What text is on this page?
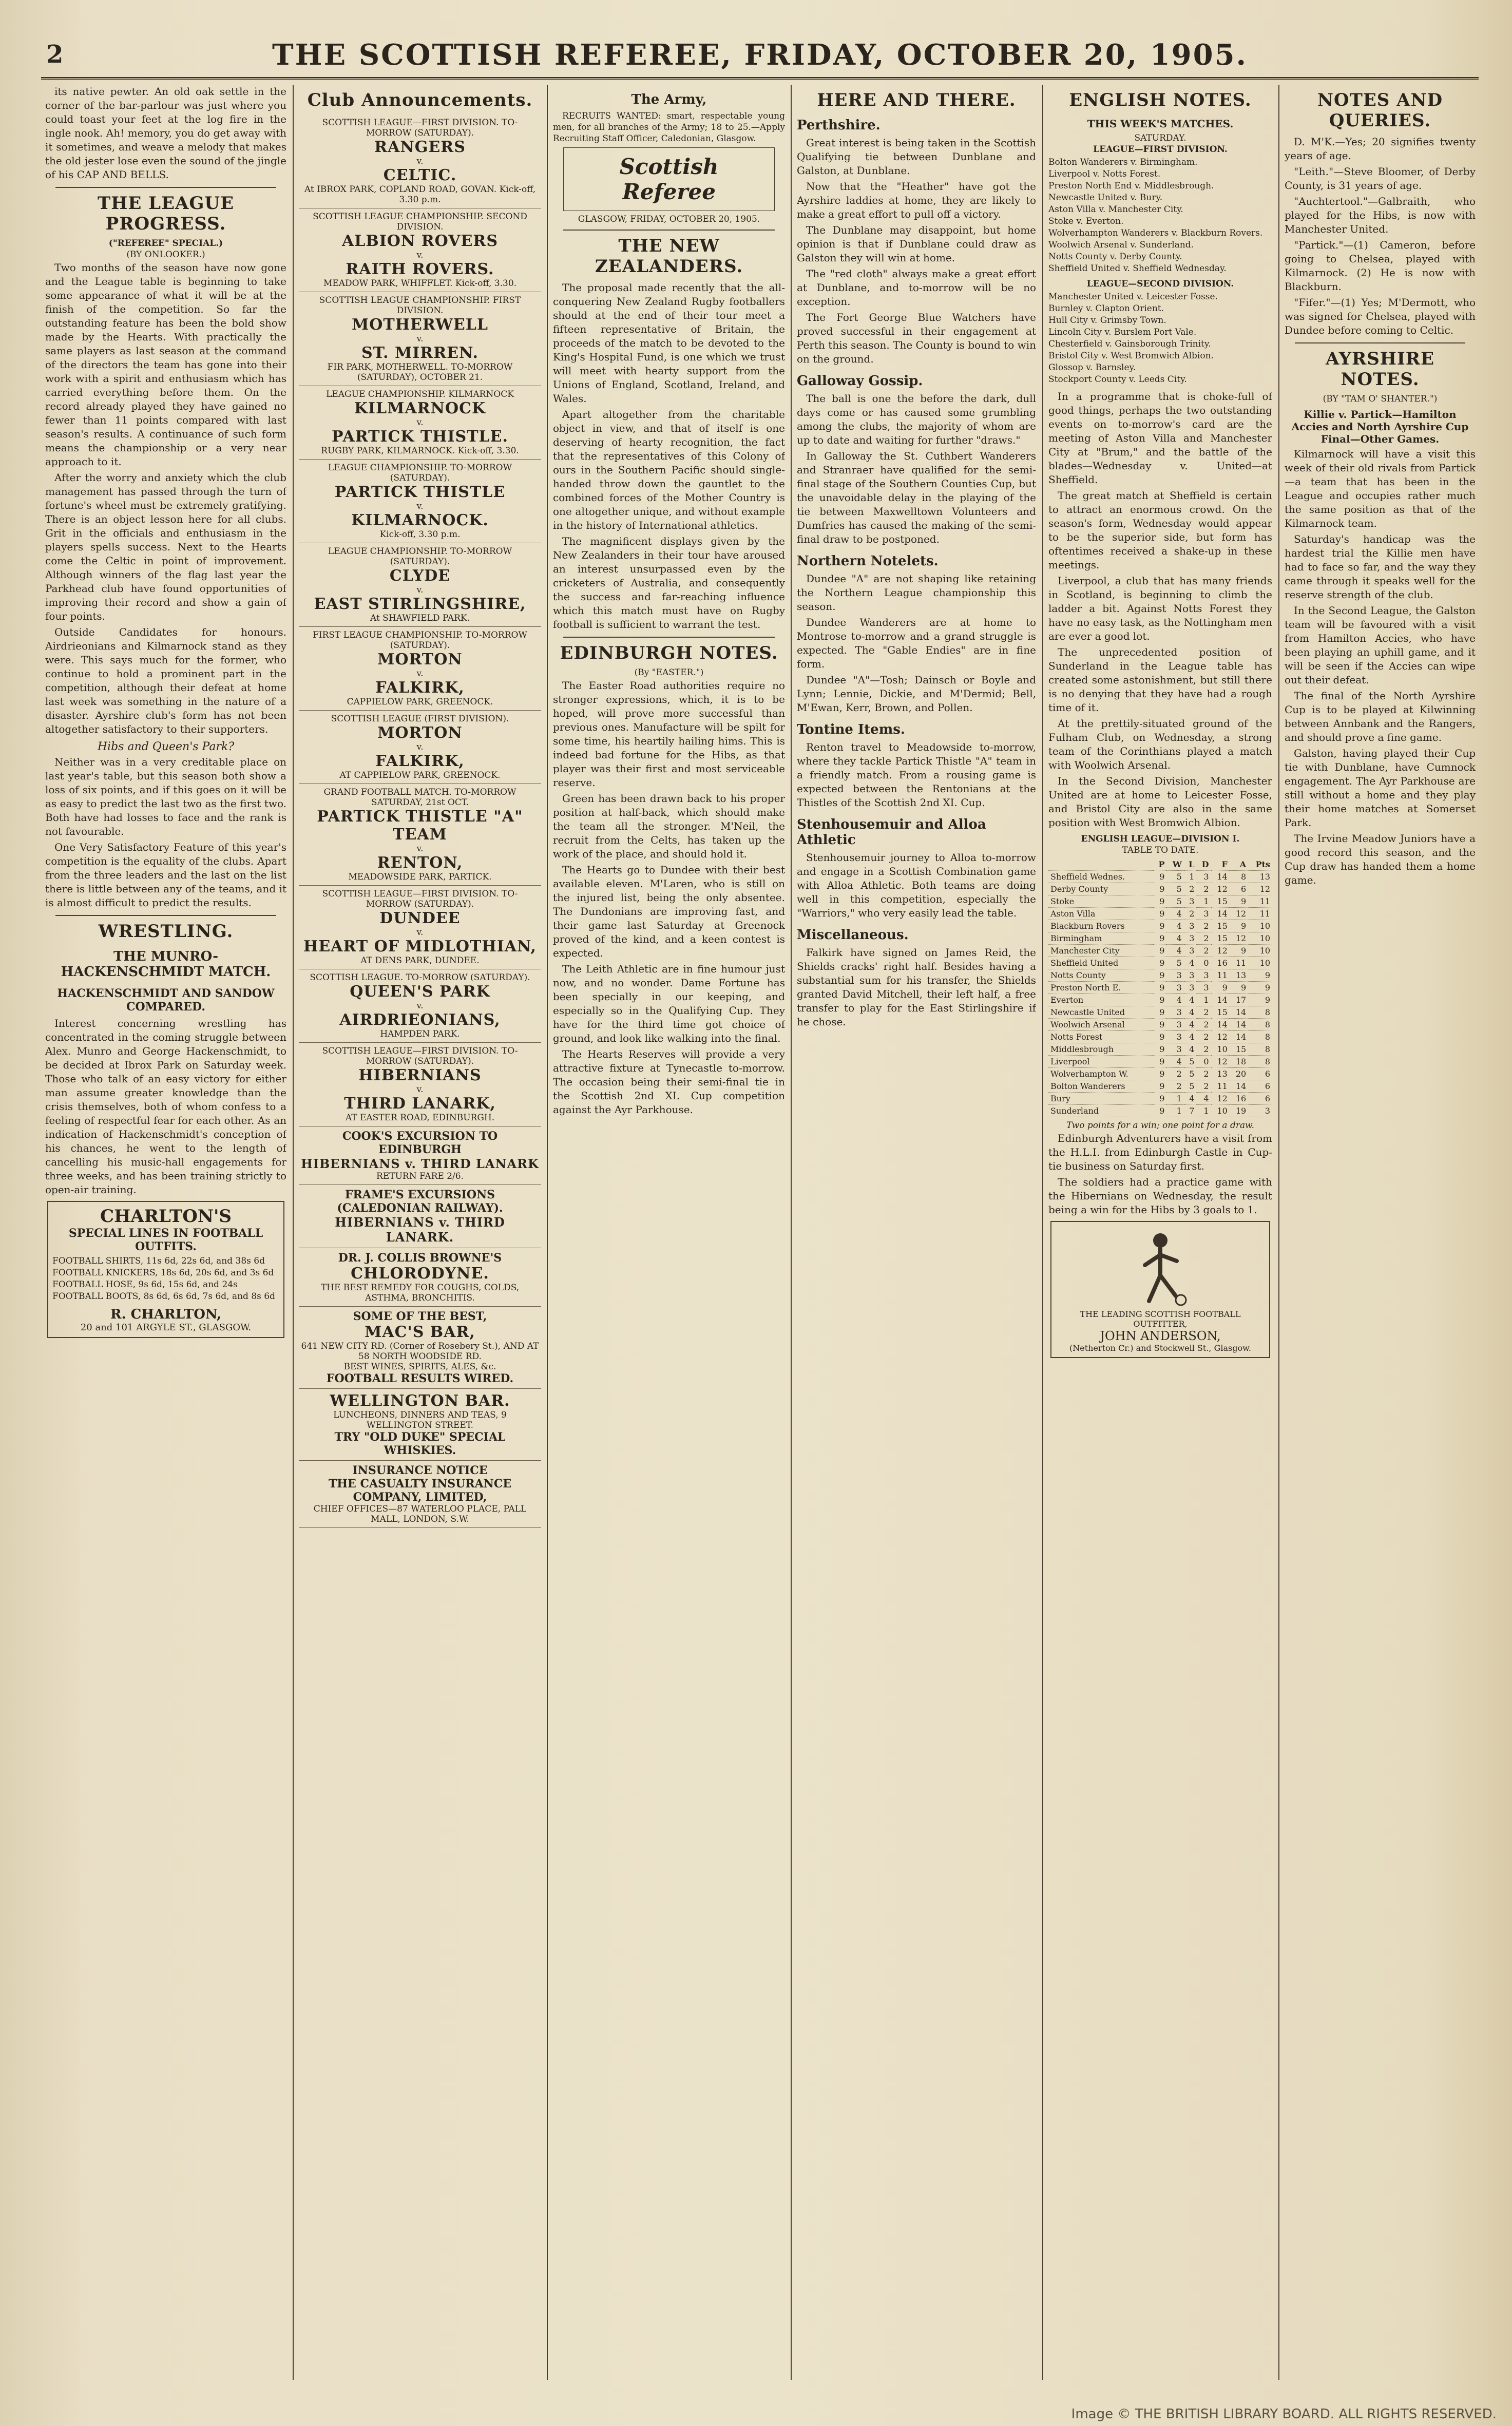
2	THE SCOTTISH REFEREE, FRIDAY, OCTOBER 20, 1905.

its native pewter. An old oak settle in the corner of the bar-parlour was just where you could toast your feet at the log fire in the ingle nook. Ah! memory, you do get away with it sometimes, and weave a melody that makes the old jester lose even the sound of the jingle of his CAP AND BELLS.

THE LEAGUE PROGRESS.
("REFEREE" SPECIAL.)
(BY ONLOOKER.)

Two months of the season have now gone and the League table is beginning to take some appearance of what it will be at the finish of the competition. So far the outstanding feature has been the bold show made by the Hearts. With practically the same players as last season at the command of the directors the team has gone into their work with a spirit and enthusiasm which has carried everything before them. On the record already played they have gained no fewer than 11 points compared with last season's results. A continuance of such form means the championship or a very near approach to it.

After the worry and anxiety which the club management has passed through the turn of fortune's wheel must be extremely gratifying. There is an object lesson here for all clubs. Grit in the officials and enthusiasm in the players spells success. Next to the Hearts come the Celtic in point of improvement. Although winners of the flag last year the Parkhead club have found opportunities of improving their record and show a gain of four points.

Outside Candidates for honours. Airdrieonians and Kilmarnock stand as they were. This says much for the former, who continue to hold a prominent part in the competition, although their defeat at home last week was something in the nature of a disaster. Ayrshire club's form has not been altogether satisfactory to their supporters.

Hibs and Queen's Park?

Neither was in a very creditable place on last year's table, but this season both show a loss of six points, and if this goes on it will be as easy to predict the last two as the first two. Both have had losses to face and the rank is not favourable.

One Very Satisfactory Feature of this year's competition is the equality of the clubs. Apart from the three leaders and the last on the list there is little between any of the teams, and it is almost difficult to predict the results.

WRESTLING.
THE MUNRO-HACKENSCHMIDT MATCH.
HACKENSCHMIDT AND SANDOW COMPARED.

Interest concerning wrestling has concentrated in the coming struggle between Alex. Munro and George Hackenschmidt, to be decided at Ibrox Park on Saturday week. Those who talk of an easy victory for either man assume greater knowledge than the crisis themselves, both of whom confess to a feeling of respectful fear for each other. As an indication of Hackenschmidt's conception of his chances, he went to the length of cancelling his music-hall engagements for three weeks, and has been training strictly to open-air training.

CHARLTON'S
SPECIAL LINES IN FOOTBALL OUTFITS.
FOOTBALL SHIRTS, 11s 6d, 22s 6d, and 38s 6d
FOOTBALL KNICKERS, 18s 6d, 20s 6d, and 3s 6d
FOOTBALL HOSE, 9s 6d, 15s 6d, and 24s
FOOTBALL BOOTS, 8s 6d, 6s 6d, 7s 6d, and 8s 6d
R. CHARLTON,
20 and 101 ARGYLE ST., GLASGOW.
Club Announcements.
SCOTTISH LEAGUE—FIRST DIVISION. TO-MORROW (SATURDAY).
RANGERS
v.
CELTIC.
At IBROX PARK, COPLAND ROAD, GOVAN. Kick-off, 3.30 p.m.
SCOTTISH LEAGUE CHAMPIONSHIP. SECOND DIVISION.
ALBION ROVERS
v.
RAITH ROVERS.
MEADOW PARK, WHIFFLET. Kick-off, 3.30.
SCOTTISH LEAGUE CHAMPIONSHIP. FIRST DIVISION.
MOTHERWELL
v.
ST. MIRREN.
FIR PARK, MOTHERWELL. TO-MORROW (SATURDAY), OCTOBER 21.
LEAGUE CHAMPIONSHIP. KILMARNOCK
KILMARNOCK
v.
PARTICK THISTLE.
RUGBY PARK, KILMARNOCK. Kick-off, 3.30.
LEAGUE CHAMPIONSHIP. TO-MORROW (SATURDAY).
PARTICK THISTLE
v.
KILMARNOCK.
Kick-off, 3.30 p.m.
LEAGUE CHAMPIONSHIP. TO-MORROW (SATURDAY).
CLYDE
v.
EAST STIRLINGSHIRE,
At SHAWFIELD PARK.
FIRST LEAGUE CHAMPIONSHIP. TO-MORROW (SATURDAY).
MORTON
v.
FALKIRK,
CAPPIELOW PARK, GREENOCK.
SCOTTISH LEAGUE (FIRST DIVISION).
MORTON
v.
FALKIRK,
AT CAPPIELOW PARK, GREENOCK.
GRAND FOOTBALL MATCH. TO-MORROW SATURDAY, 21st OCT.
PARTICK THISTLE "A" TEAM
v.
RENTON,
MEADOWSIDE PARK, PARTICK.
SCOTTISH LEAGUE—FIRST DIVISION. TO-MORROW (SATURDAY).
DUNDEE
v.
HEART OF MIDLOTHIAN,
AT DENS PARK, DUNDEE.
SCOTTISH LEAGUE. TO-MORROW (SATURDAY).
QUEEN'S PARK
v.
AIRDRIEONIANS,
HAMPDEN PARK.
SCOTTISH LEAGUE—FIRST DIVISION. TO-MORROW (SATURDAY).
HIBERNIANS
v.
THIRD LANARK,
AT EASTER ROAD, EDINBURGH.
COOK'S EXCURSION TO EDINBURGH
HIBERNIANS v. THIRD LANARK
RETURN FARE 2/6.
FRAME'S EXCURSIONS (CALEDONIAN RAILWAY).
HIBERNIANS v. THIRD LANARK.
DR. J. COLLIS BROWNE'S
CHLORODYNE.
THE BEST REMEDY FOR COUGHS, COLDS, ASTHMA, BRONCHITIS.
SOME OF THE BEST,
MAC'S BAR,
641 NEW CITY RD. (Corner of Rosebery St.), AND AT 58 NORTH WOODSIDE RD.
BEST WINES, SPIRITS, ALES, &c.
FOOTBALL RESULTS WIRED.
WELLINGTON BAR.
LUNCHEONS, DINNERS AND TEAS, 9 WELLINGTON STREET.
TRY "OLD DUKE" SPECIAL WHISKIES.
INSURANCE NOTICE
THE CASUALTY INSURANCE COMPANY, LIMITED,
CHIEF OFFICES—87 WATERLOO PLACE, PALL MALL, LONDON, S.W.
The Army,

RECRUITS WANTED: smart, respectable young men, for all branches of the Army; 18 to 25.—Apply Recruiting Staff Officer, Caledonian, Glasgow.

Scottish Referee
GLASGOW, FRIDAY, OCTOBER 20, 1905.
THE NEW ZEALANDERS.

The proposal made recently that the all-conquering New Zealand Rugby footballers should at the end of their tour meet a fifteen representative of Britain, the proceeds of the match to be devoted to the King's Hospital Fund, is one which we trust will meet with hearty support from the Unions of England, Scotland, Ireland, and Wales.

Apart altogether from the charitable object in view, and that of itself is one deserving of hearty recognition, the fact that the representatives of this Colony of ours in the Southern Pacific should single-handed throw down the gauntlet to the combined forces of the Mother Country is one altogether unique, and without example in the history of International athletics.

The magnificent displays given by the New Zealanders in their tour have aroused an interest unsurpassed even by the cricketers of Australia, and consequently the success and far-reaching influence which this match must have on Rugby football is sufficient to warrant the test.

EDINBURGH NOTES.
(By "EASTER.")

The Easter Road authorities require no stronger expressions, which, it is to be hoped, will prove more successful than previous ones. Manufacture will be spilt for some time, his heartily hailing hims. This is indeed bad fortune for the Hibs, as that player was their first and most serviceable reserve.

Green has been drawn back to his proper position at half-back, which should make the team all the stronger. M'Neil, the recruit from the Celts, has taken up the work of the place, and should hold it.

The Hearts go to Dundee with their best available eleven. M'Laren, who is still on the injured list, being the only absentee. The Dundonians are improving fast, and their game last Saturday at Greenock proved of the kind, and a keen contest is expected.

The Leith Athletic are in fine humour just now, and no wonder. Dame Fortune has been specially in our keeping, and especially so in the Qualifying Cup. They have for the third time got choice of ground, and look like walking into the final.

The Hearts Reserves will provide a very attractive fixture at Tynecastle to-morrow. The occasion being their semi-final tie in the Scottish 2nd XI. Cup competition against the Ayr Parkhouse.

HERE AND THERE.
Perthshire.

Great interest is being taken in the Scottish Qualifying tie between Dunblane and Galston, at Dunblane.

Now that the "Heather" have got the Ayrshire laddies at home, they are likely to make a great effort to pull off a victory.

The Dunblane may disappoint, but home opinion is that if Dunblane could draw as Galston they will win at home.

The "red cloth" always make a great effort at Dunblane, and to-morrow will be no exception.

The Fort George Blue Watchers have proved successful in their engagement at Perth this season. The County is bound to win on the ground.

Galloway Gossip.

The ball is one the before the dark, dull days come or has caused some grumbling among the clubs, the majority of whom are up to date and waiting for further "draws."

In Galloway the St. Cuthbert Wanderers and Stranraer have qualified for the semi-final stage of the Southern Counties Cup, but the unavoidable delay in the playing of the tie between Maxwelltown Volunteers and Dumfries has caused the making of the semi-final draw to be postponed.

Northern Notelets.

Dundee "A" are not shaping like retaining the Northern League championship this season.

Dundee Wanderers are at home to Montrose to-morrow and a grand struggle is expected. The "Gable Endies" are in fine form.

Dundee "A"—Tosh; Dainsch or Boyle and Lynn; Lennie, Dickie, and M'Dermid; Bell, M'Ewan, Kerr, Brown, and Pollen.

Tontine Items.

Renton travel to Meadowside to-morrow, where they tackle Partick Thistle "A" team in a friendly match. From a rousing game is expected between the Rentonians at the Thistles of the Scottish 2nd XI. Cup.

Stenhousemuir and Alloa Athletic

Stenhousemuir journey to Alloa to-morrow and engage in a Scottish Combination game with Alloa Athletic. Both teams are doing well in this competition, especially the "Warriors," who very easily lead the table.

Miscellaneous.

Falkirk have signed on James Reid, the Shields cracks' right half. Besides having a substantial sum for his transfer, the Shields granted David Mitchell, their left half, a free transfer to play for the East Stirlingshire if he chose.

ENGLISH NOTES.
THIS WEEK'S MATCHES.
SATURDAY.
LEAGUE—FIRST DIVISION.
Bolton Wanderers v. Birmingham.
Liverpool v. Notts Forest.
Preston North End v. Middlesbrough.
Newcastle United v. Bury.
Aston Villa v. Manchester City.
Stoke v. Everton.
Wolverhampton Wanderers v. Blackburn Rovers.
Woolwich Arsenal v. Sunderland.
Notts County v. Derby County.
Sheffield United v. Sheffield Wednesday.
LEAGUE—SECOND DIVISION.
Manchester United v. Leicester Fosse.
Burnley v. Clapton Orient.
Hull City v. Grimsby Town.
Lincoln City v. Burslem Port Vale.
Chesterfield v. Gainsborough Trinity.
Bristol City v. West Bromwich Albion.
Glossop v. Barnsley.
Stockport County v. Leeds City.

In a programme that is choke-full of good things, perhaps the two outstanding events on to-morrow's card are the meeting of Aston Villa and Manchester City at "Brum," and the battle of the blades—Wednesday v. United—at Sheffield.

The great match at Sheffield is certain to attract an enormous crowd. On the season's form, Wednesday would appear to be the superior side, but form has oftentimes received a shake-up in these meetings.

Liverpool, a club that has many friends in Scotland, is beginning to climb the ladder a bit. Against Notts Forest they have no easy task, as the Nottingham men are ever a good lot.

The unprecedented position of Sunderland in the League table has created some astonishment, but still there is no denying that they have had a rough time of it.

At the prettily-situated ground of the Fulham Club, on Wednesday, a strong team of the Corinthians played a match with Woolwich Arsenal.

In the Second Division, Manchester United are at home to Leicester Fosse, and Bristol City are also in the same position with West Bromwich Albion.

ENGLISH LEAGUE—DIVISION I.
TABLE TO DATE.
	P	W	L	D	F	A	Pts
Sheffield Wednes.	9	5	1	3	14	8	13
Derby County	9	5	2	2	12	6	12
Stoke	9	5	3	1	15	9	11
Aston Villa	9	4	2	3	14	12	11
Blackburn Rovers	9	4	3	2	15	9	10
Birmingham	9	4	3	2	15	12	10
Manchester City	9	4	3	2	12	9	10
Sheffield United	9	5	4	0	16	11	10
Notts County	9	3	3	3	11	13	9
Preston North E.	9	3	3	3	9	9	9
Everton	9	4	4	1	14	17	9
Newcastle United	9	3	4	2	15	14	8
Woolwich Arsenal	9	3	4	2	14	14	8
Notts Forest	9	3	4	2	12	14	8
Middlesbrough	9	3	4	2	10	15	8
Liverpool	9	4	5	0	12	18	8
Wolverhampton W.	9	2	5	2	13	20	6
Bolton Wanderers	9	2	5	2	11	14	6
Bury	9	1	4	4	12	16	6
Sunderland	9	1	7	1	10	19	3
Two points for a win; one point for a draw.

Edinburgh Adventurers have a visit from the H.L.I. from Edinburgh Castle in Cup-tie business on Saturday first.

The soldiers had a practice game with the Hibernians on Wednesday, the result being a win for the Hibs by 3 goals to 1.

THE LEADING SCOTTISH FOOTBALL OUTFITTER,
JOHN ANDERSON,
(Netherton Cr.) and Stockwell St., Glasgow.
NOTES AND QUERIES.

D. M'K.—Yes; 20 signifies twenty years of age.

"Leith."—Steve Bloomer, of Derby County, is 31 years of age.

"Auchtertool."—Galbraith, who played for the Hibs, is now with Manchester United.

"Partick."—(1) Cameron, before going to Chelsea, played with Kilmarnock. (2) He is now with Blackburn.

"Fifer."—(1) Yes; M'Dermott, who was signed for Chelsea, played with Dundee before coming to Celtic.

AYRSHIRE NOTES.
(BY "TAM O' SHANTER.")
Killie v. Partick—Hamilton Accies and North Ayrshire Cup Final—Other Games.

Kilmarnock will have a visit this week of their old rivals from Partick—a team that has been in the League and occupies rather much the same position as that of the Kilmarnock team.

Saturday's handicap was the hardest trial the Killie men have had to face so far, and the way they came through it speaks well for the reserve strength of the club.

In the Second League, the Galston team will be favoured with a visit from Hamilton Accies, who have been playing an uphill game, and it will be seen if the Accies can wipe out their defeat.

The final of the North Ayrshire Cup is to be played at Kilwinning between Annbank and the Rangers, and should prove a fine game.

Galston, having played their Cup tie with Dunblane, have Cumnock engagement. The Ayr Parkhouse are still without a home and they play their home matches at Somerset Park.

The Irvine Meadow Juniors have a good record this season, and the Cup draw has handed them a home game.

Image © THE BRITISH LIBRARY BOARD. ALL RIGHTS RESERVED.
